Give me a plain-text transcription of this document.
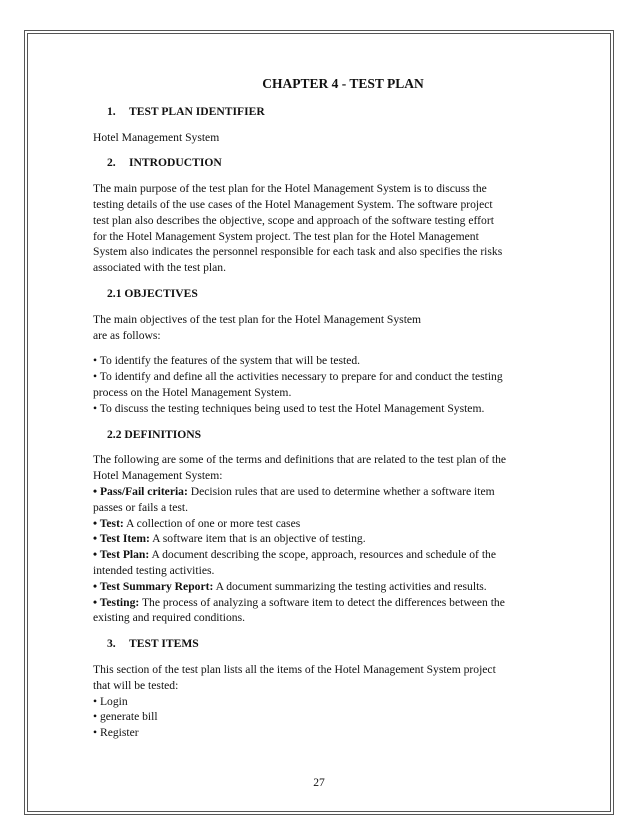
CHAPTER 4 - TEST PLAN
1. TEST PLAN IDENTIFIER

Hotel Management System

2. INTRODUCTION

The main purpose of the test plan for the Hotel Management System is to discuss the
testing details of the use cases of the Hotel Management System. The software project
test plan also describes the objective, scope and approach of the software testing effort
for the Hotel Management System project. The test plan for the Hotel Management
System also indicates the personnel responsible for each task and also specifies the risks
associated with the test plan.

2.1 OBJECTIVES

The main objectives of the test plan for the Hotel Management System
are as follows:

• To identify the features of the system that will be tested.
• To identify and define all the activities necessary to prepare for and conduct the testing
process on the Hotel Management System.
• To discuss the testing techniques being used to test the Hotel Management System.

2.2 DEFINITIONS

The following are some of the terms and definitions that are related to the test plan of the
Hotel Management System:
• Pass/Fail criteria: Decision rules that are used to determine whether a software item
passes or fails a test.
• Test: A collection of one or more test cases
• Test Item: A software item that is an objective of testing.
• Test Plan: A document describing the scope, approach, resources and schedule of the
intended testing activities.
• Test Summary Report: A document summarizing the testing activities and results.
• Testing: The process of analyzing a software item to detect the differences between the
existing and required conditions.

3. TEST ITEMS

This section of the test plan lists all the items of the Hotel Management System project
that will be tested:
• Login
• generate bill
• Register

27
